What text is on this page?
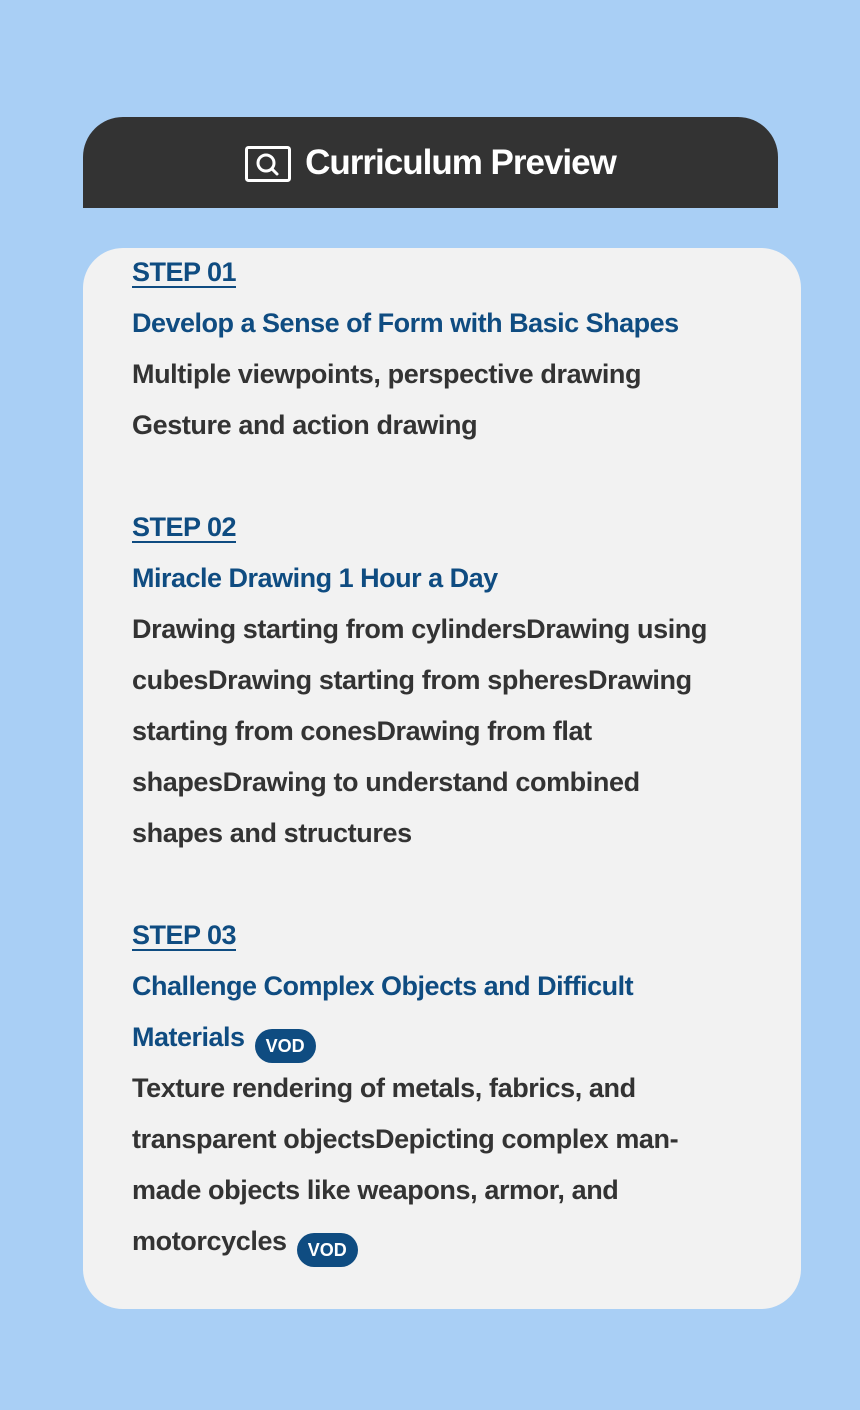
Curriculum Preview
STEP 01

Develop a Sense of Form with Basic Shapes

Multiple viewpoints, perspective drawing
Gesture and action drawing

STEP 02

Miracle Drawing 1 Hour a Day

Drawing starting from cylindersDrawing using cubesDrawing starting from spheresDrawing starting from conesDrawing from flat shapesDrawing to understand combined shapes and structures

STEP 03

Challenge Complex Objects and Difficult Materials VOD

Texture rendering of metals, fabrics, and transparent objectsDepicting complex man-made objects like weapons, armor, and motorcycles VOD
